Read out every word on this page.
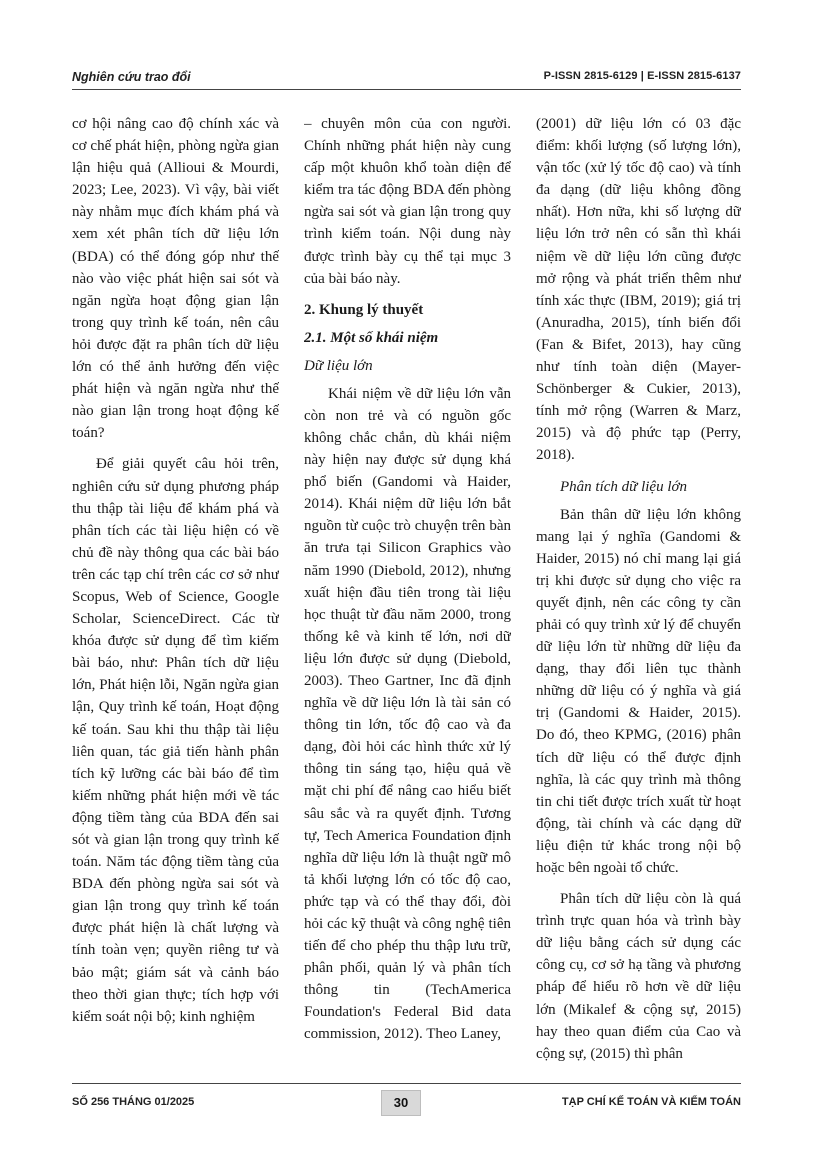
Nghiên cứu trao đổi	P-ISSN 2815-6129 | E-ISSN 2815-6137

cơ hội nâng cao độ chính xác và cơ chế phát hiện, phòng ngừa gian lận hiệu quả (Allioui & Mourdi, 2023; Lee, 2023). Vì vậy, bài viết này nhằm mục đích khám phá và xem xét phân tích dữ liệu lớn (BDA) có thể đóng góp như thế nào vào việc phát hiện sai sót và ngăn ngừa hoạt động gian lận trong quy trình kế toán, nên câu hỏi được đặt ra phân tích dữ liệu lớn có thể ảnh hưởng đến việc phát hiện và ngăn ngừa như thế nào gian lận trong hoạt động kế toán?

Để giải quyết câu hỏi trên, nghiên cứu sử dụng phương pháp thu thập tài liệu để khám phá và phân tích các tài liệu hiện có về chủ đề này thông qua các bài báo trên các tạp chí trên các cơ sở như Scopus, Web of Science, Google Scholar, ScienceDirect. Các từ khóa được sử dụng để tìm kiếm bài báo, như: Phân tích dữ liệu lớn, Phát hiện lỗi, Ngăn ngừa gian lận, Quy trình kế toán, Hoạt động kế toán. Sau khi thu thập tài liệu liên quan, tác giả tiến hành phân tích kỹ lưỡng các bài báo để tìm kiếm những phát hiện mới về tác động tiềm tàng của BDA đến sai sót và gian lận trong quy trình kế toán. Năm tác động tiềm tàng của BDA đến phòng ngừa sai sót và gian lận trong quy trình kế toán được phát hiện là chất lượng và tính toàn vẹn; quyền riêng tư và bảo mật; giám sát và cảnh báo theo thời gian thực; tích hợp với kiểm soát nội bộ; kinh nghiệm

– chuyên môn của con người. Chính những phát hiện này cung cấp một khuôn khổ toàn diện để kiểm tra tác động BDA đến phòng ngừa sai sót và gian lận trong quy trình kiểm toán. Nội dung này được trình bày cụ thể tại mục 3 của bài báo này.

2. Khung lý thuyết
2.1. Một số khái niệm
Dữ liệu lớn

Khái niệm về dữ liệu lớn vẫn còn non trẻ và có nguồn gốc không chắc chắn, dù khái niệm này hiện nay được sử dụng khá phổ biến (Gandomi và Haider, 2014). Khái niệm dữ liệu lớn bắt nguồn từ cuộc trò chuyện trên bàn ăn trưa tại Silicon Graphics vào năm 1990 (Diebold, 2012), nhưng xuất hiện đầu tiên trong tài liệu học thuật từ đầu năm 2000, trong thống kê và kinh tế lớn, nơi dữ liệu lớn được sử dụng (Diebold, 2003). Theo Gartner, Inc đã định nghĩa về dữ liệu lớn là tài sản có thông tin lớn, tốc độ cao và đa dạng, đòi hỏi các hình thức xử lý thông tin sáng tạo, hiệu quả về mặt chi phí để nâng cao hiểu biết sâu sắc và ra quyết định. Tương tự, Tech America Foundation định nghĩa dữ liệu lớn là thuật ngữ mô tả khối lượng lớn có tốc độ cao, phức tạp và có thể thay đổi, đòi hỏi các kỹ thuật và công nghệ tiên tiến để cho phép thu thập lưu trữ, phân phối, quản lý và phân tích thông tin (TechAmerica Foundation's Federal Bid data commission, 2012). Theo Laney,

(2001) dữ liệu lớn có 03 đặc điểm: khối lượng (số lượng lớn), vận tốc (xử lý tốc độ cao) và tính đa dạng (dữ liệu không đồng nhất). Hơn nữa, khi số lượng dữ liệu lớn trở nên có sẵn thì khái niệm về dữ liệu lớn cũng được mở rộng và phát triển thêm như tính xác thực (IBM, 2019); giá trị (Anuradha, 2015), tính biến đổi (Fan & Bifet, 2013), hay cũng như tính toàn diện (Mayer-Schönberger & Cukier, 2013), tính mở rộng (Warren & Marz, 2015) và độ phức tạp (Perry, 2018).

Phân tích dữ liệu lớn

Bản thân dữ liệu lớn không mang lại ý nghĩa (Gandomi & Haider, 2015) nó chỉ mang lại giá trị khi được sử dụng cho việc ra quyết định, nên các công ty cần phải có quy trình xử lý để chuyển dữ liệu lớn từ những dữ liệu đa dạng, thay đổi liên tục thành những dữ liệu có ý nghĩa và giá trị (Gandomi & Haider, 2015). Do đó, theo KPMG, (2016) phân tích dữ liệu có thể được định nghĩa, là các quy trình mà thông tin chi tiết được trích xuất từ hoạt động, tài chính và các dạng dữ liệu điện tử khác trong nội bộ hoặc bên ngoài tổ chức.

Phân tích dữ liệu còn là quá trình trực quan hóa và trình bày dữ liệu bằng cách sử dụng các công cụ, cơ sở hạ tầng và phương pháp để hiểu rõ hơn về dữ liệu lớn (Mikalef & cộng sự, 2015) hay theo quan điểm của Cao và cộng sự, (2015) thì phân

SỐ 256 THÁNG 01/2025	30	TẠP CHÍ KẾ TOÁN VÀ KIỂM TOÁN
